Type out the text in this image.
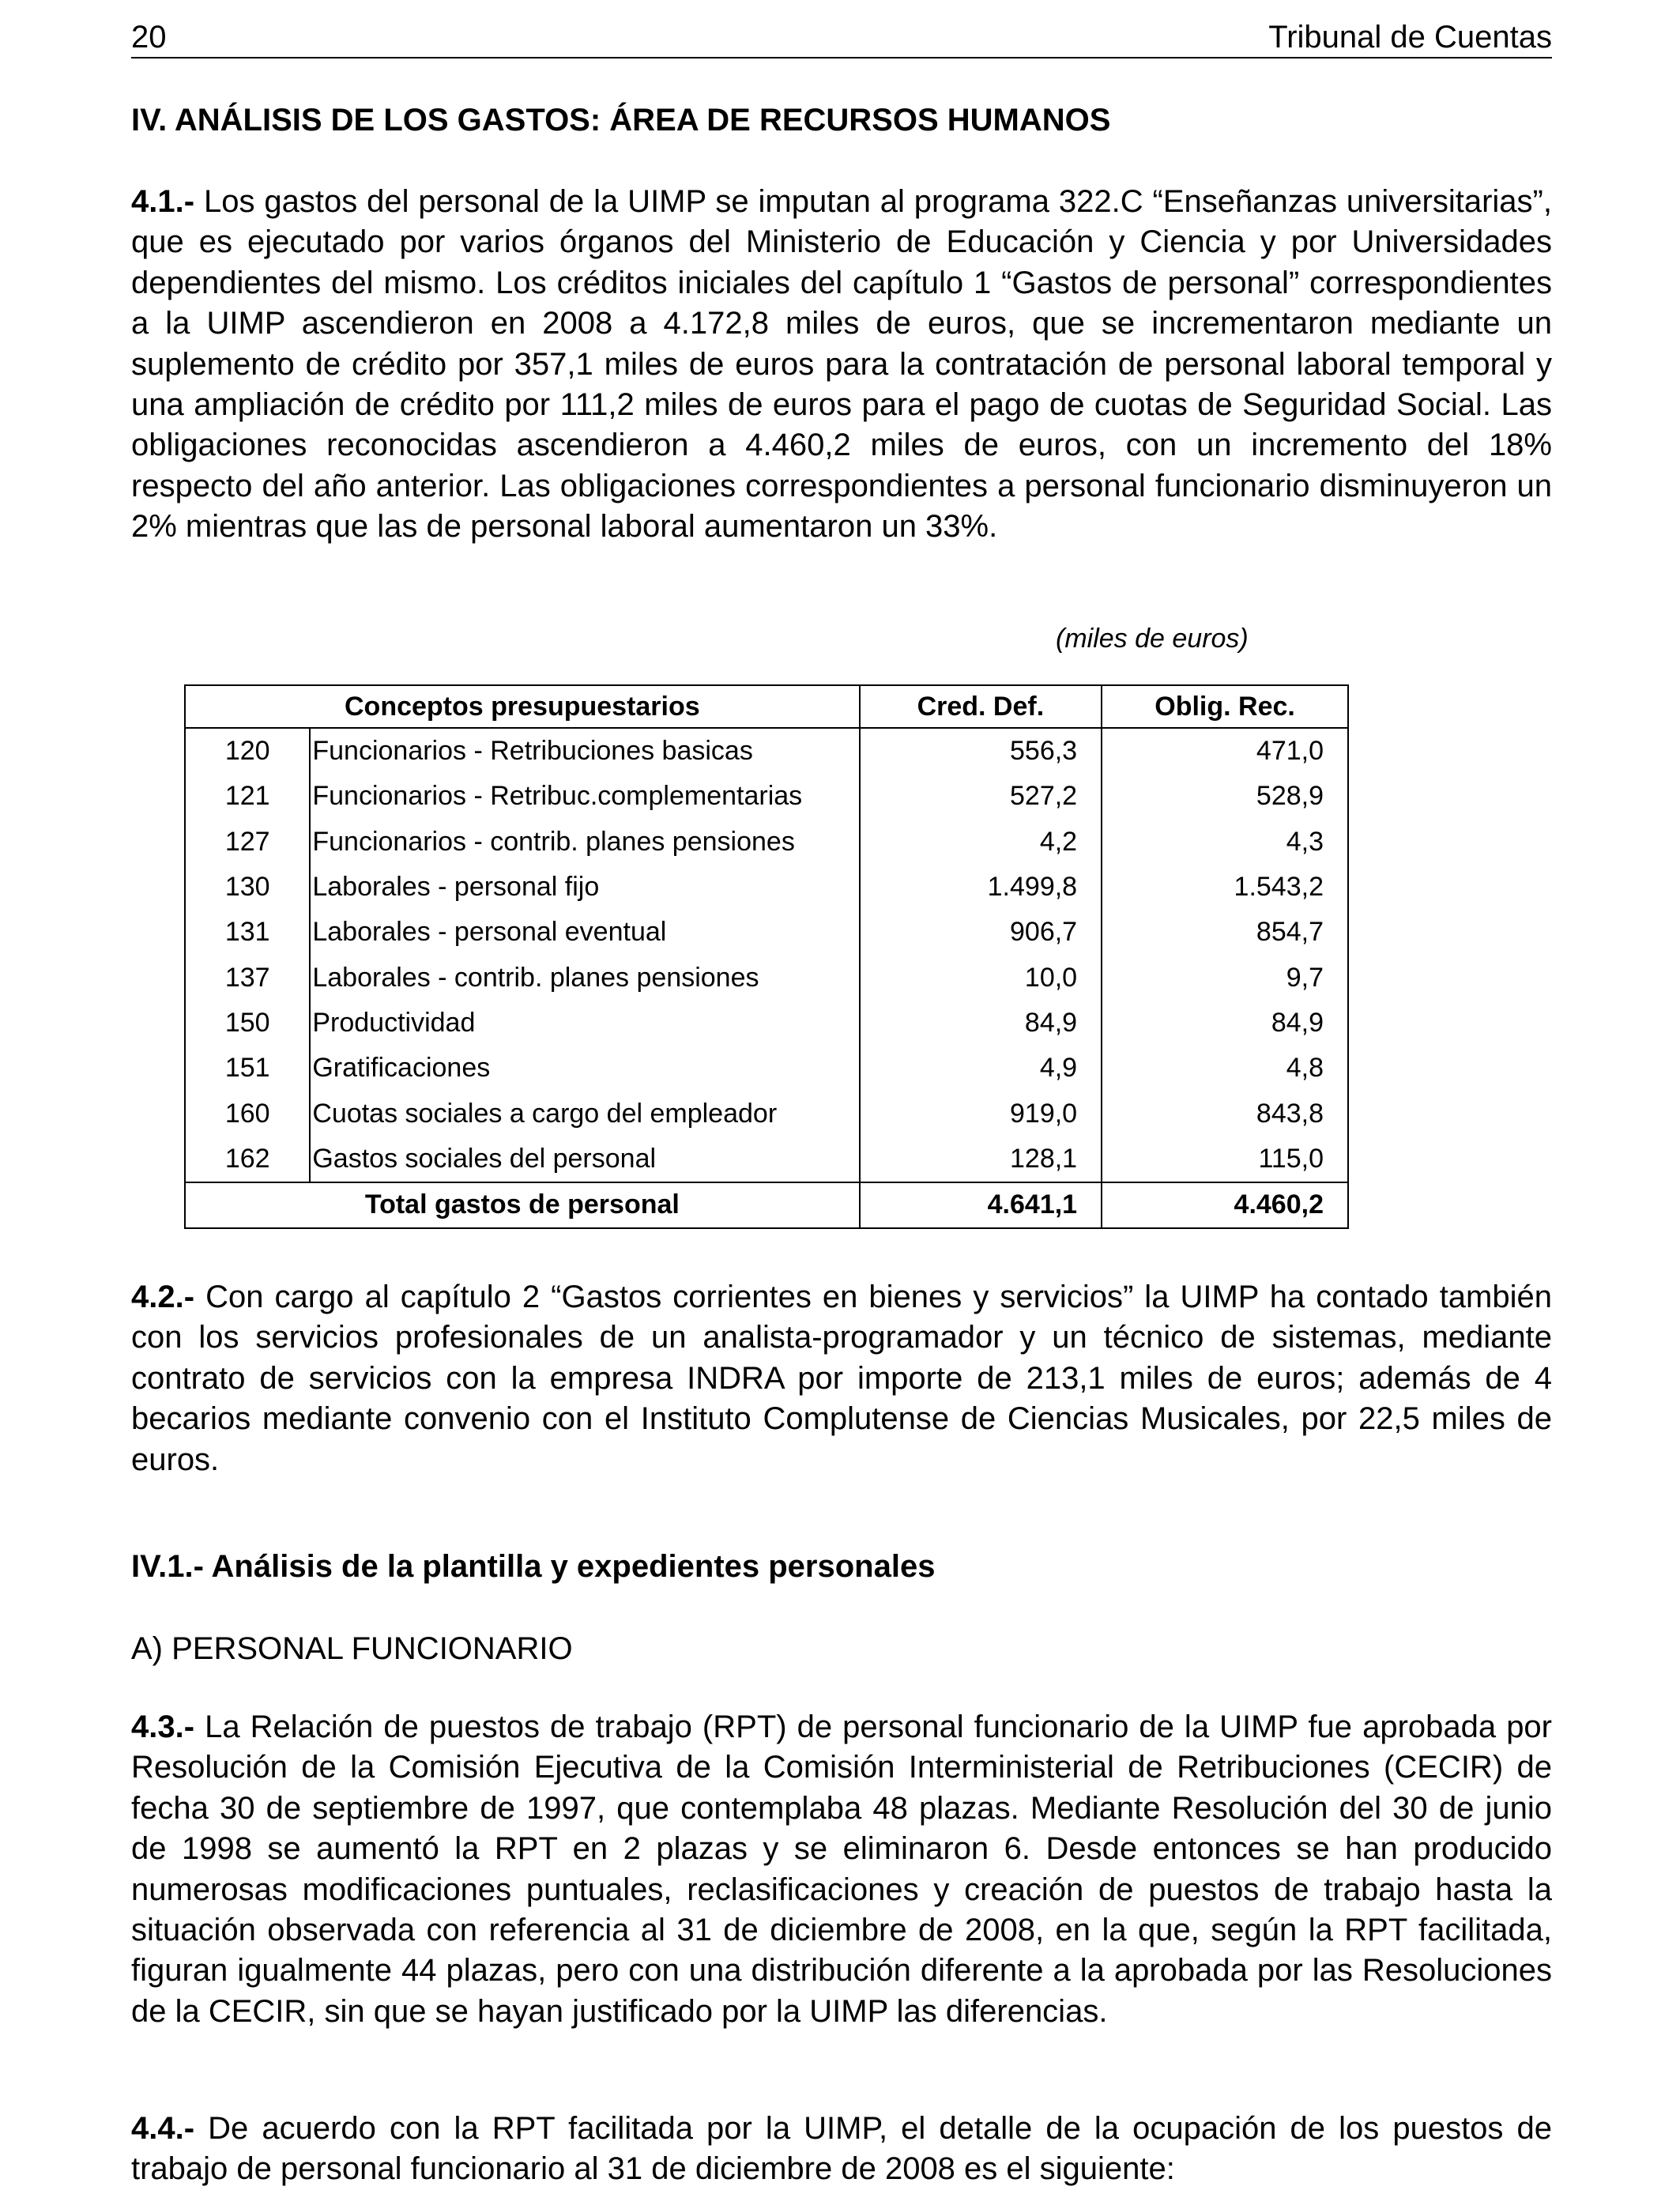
20	Tribunal de Cuentas
IV. ANÁLISIS DE LOS GASTOS: ÁREA DE RECURSOS HUMANOS

4.1.- Los gastos del personal de la UIMP se imputan al programa 322.C “Enseñanzas universitarias”, que es ejecutado por varios órganos del Ministerio de Educación y Ciencia y por Universidades dependientes del mismo. Los créditos iniciales del capítulo 1 “Gastos de personal” correspondientes a la UIMP ascendieron en 2008 a 4.172,8 miles de euros, que se incrementaron mediante un suplemento de crédito por 357,1 miles de euros para la contratación de personal laboral temporal y una ampliación de crédito por 111,2 miles de euros para el pago de cuotas de Seguridad Social. Las obligaciones reconocidas ascendieron a 4.460,2 miles de euros, con un incremento del 18% respecto del año anterior. Las obligaciones correspondientes a personal funcionario disminuyeron un 2% mientras que las de personal laboral aumentaron un 33%.

(miles de euros)
Conceptos presupuestarios		Cred. Def.	Oblig. Rec.
120	Funcionarios - Retribuciones basicas	556,3	471,0
121	Funcionarios - Retribuc.complementarias	527,2	528,9
127	Funcionarios - contrib. planes pensiones	4,2	4,3
130	Laborales - personal fijo	1.499,8	1.543,2
131	Laborales - personal eventual	906,7	854,7
137	Laborales - contrib. planes pensiones	10,0	9,7
150	Productividad	84,9	84,9
151	Gratificaciones	4,9	4,8
160	Cuotas sociales a cargo del empleador	919,0	843,8
162	Gastos sociales del personal	128,1	115,0
Total gastos de personal		4.641,1	4.460,2

4.2.- Con cargo al capítulo 2 “Gastos corrientes en bienes y servicios” la UIMP ha contado también con los servicios profesionales de un analista-programador y un técnico de sistemas, mediante contrato de servicios con la empresa INDRA por importe de 213,1 miles de euros; además de 4 becarios mediante convenio con el Instituto Complutense de Ciencias Musicales, por 22,5 miles de euros.

IV.1.- Análisis de la plantilla y expedientes personales
A) PERSONAL FUNCIONARIO

4.3.- La Relación de puestos de trabajo (RPT) de personal funcionario de la UIMP fue aprobada por Resolución de la Comisión Ejecutiva de la Comisión Interministerial de Retribuciones (CECIR) de fecha 30 de septiembre de 1997, que contemplaba 48 plazas. Mediante Resolución del 30 de junio de 1998 se aumentó la RPT en 2 plazas y se eliminaron 6. Desde entonces se han producido numerosas modificaciones puntuales, reclasificaciones y creación de puestos de trabajo hasta la situación observada con referencia al 31 de diciembre de 2008, en la que, según la RPT facilitada, figuran igualmente 44 plazas, pero con una distribución diferente a la aprobada por las Resoluciones de la CECIR, sin que se hayan justificado por la UIMP las diferencias.

4.4.- De acuerdo con la RPT facilitada por la UIMP, el detalle de la ocupación de los puestos de trabajo de personal funcionario al 31 de diciembre de 2008 es el siguiente:
